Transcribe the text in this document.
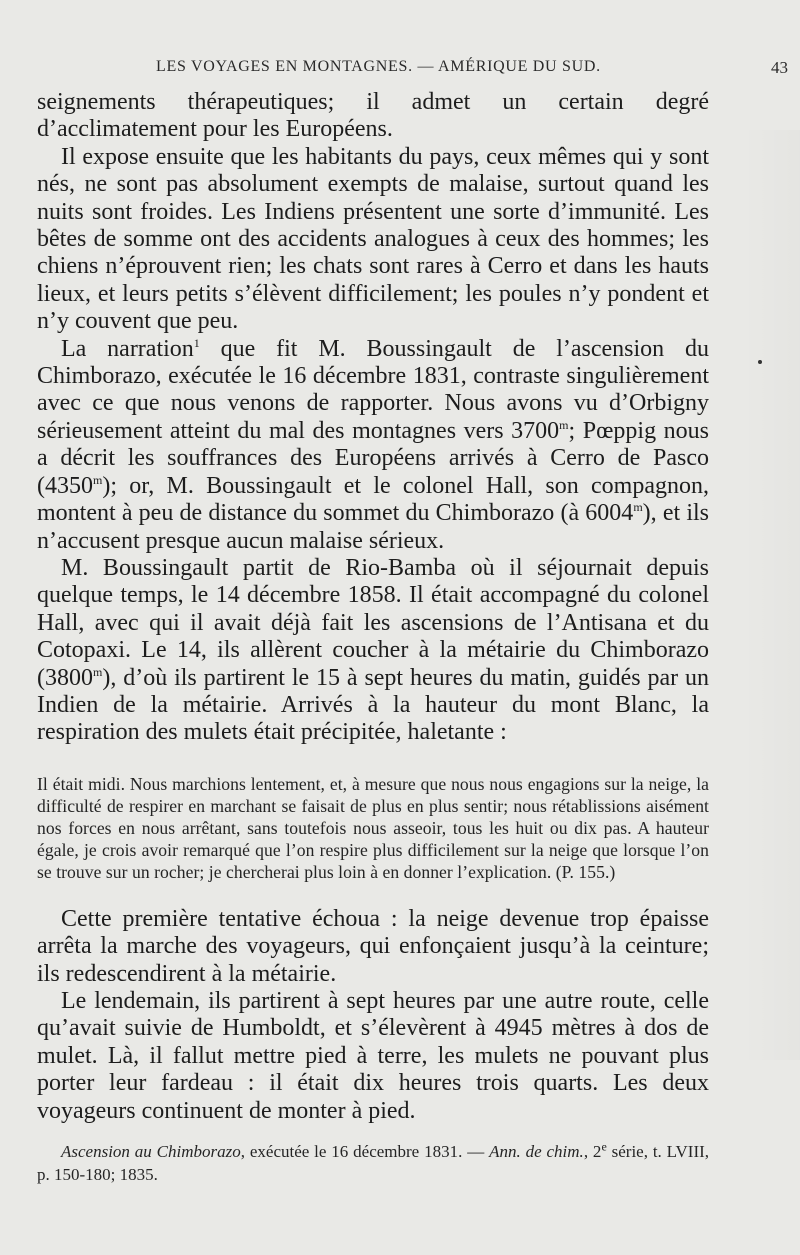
LES VOYAGES EN MONTAGNES. — AMÉRIQUE DU SUD.	43

seignements thérapeutiques; il admet un certain degré d’acclimatement pour les Européens.

Il expose ensuite que les habitants du pays, ceux mêmes qui y sont nés, ne sont pas absolument exempts de malaise, surtout quand les nuits sont froides. Les Indiens présentent une sorte d’immunité. Les bêtes de somme ont des accidents analogues à ceux des hommes; les chiens n’éprouvent rien; les chats sont rares à Cerro et dans les hauts lieux, et leurs petits s’élèvent difficilement; les poules n’y pondent et n’y couvent que peu.

La narration$^1$ que fit M. Boussingault de l’ascension du Chimborazo, exécutée le 16 décembre 1831, contraste singulièrement avec ce que nous venons de rapporter. Nous avons vu d’Orbigny sérieusement atteint du mal des montagnes vers 3700$^m$; Pœppig nous a décrit les souffrances des Européens arrivés à Cerro de Pasco (4350$^m$); or, M. Boussingault et le colonel Hall, son compagnon, montent à peu de distance du sommet du Chimborazo (à 6004$^m$), et ils n’accusent presque aucun malaise sérieux.

M. Boussingault partit de Rio-Bamba où il séjournait depuis quelque temps, le 14 décembre 1858. Il était accompagné du colonel Hall, avec qui il avait déjà fait les ascensions de l’Antisana et du Cotopaxi. Le 14, ils allèrent coucher à la métairie du Chimborazo (3800$^m$), d’où ils partirent le 15 à sept heures du matin, guidés par un Indien de la métairie. Arrivés à la hauteur du mont Blanc, la respiration des mulets était précipitée, haletante :

Il était midi. Nous marchions lentement, et, à mesure que nous nous engagions sur la neige, la difficulté de respirer en marchant se faisait de plus en plus sentir; nous rétablissions aisément nos forces en nous arrêtant, sans toutefois nous asseoir, tous les huit ou dix pas. A hauteur égale, je crois avoir remarqué que l’on respire plus difficilement sur la neige que lorsque l’on se trouve sur un rocher; je chercherai plus loin à en donner l’explication. (P. 155.)

Cette première tentative échoua : la neige devenue trop épaisse arrêta la marche des voyageurs, qui enfonçaient jusqu’à la ceinture; ils redescendirent à la métairie.

Le lendemain, ils partirent à sept heures par une autre route, celle qu’avait suivie de Humboldt, et s’élevèrent à 4945 mètres à dos de mulet. Là, il fallut mettre pied à terre, les mulets ne pouvant plus porter leur fardeau : il était dix heures trois quarts. Les deux voyageurs continuent de monter à pied.

Ascension au Chimborazo, exécutée le 16 décembre 1831. — Ann. de chim., 2e série, t. LVIII, p. 150-180; 1835.
